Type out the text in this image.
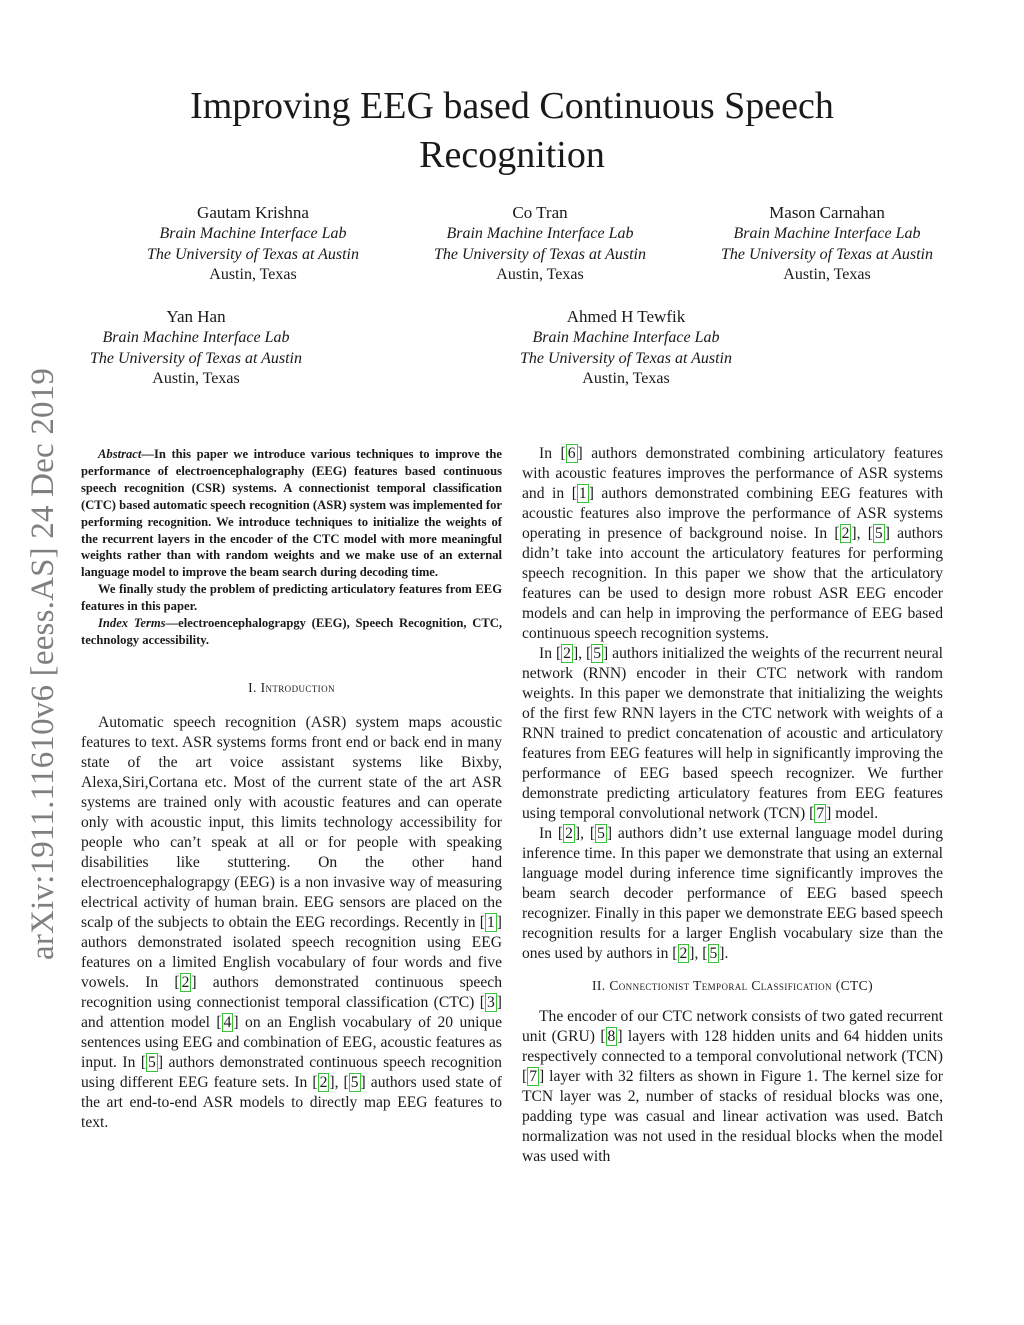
arXiv:1911.11610v6 [eess.AS] 24 Dec 2019
Improving EEG based Continuous Speech
Recognition
Gautam Krishna
Brain Machine Interface Lab
The University of Texas at Austin
Austin, Texas
Co Tran
Brain Machine Interface Lab
The University of Texas at Austin
Austin, Texas
Mason Carnahan
Brain Machine Interface Lab
The University of Texas at Austin
Austin, Texas
Yan Han
Brain Machine Interface Lab
The University of Texas at Austin
Austin, Texas
Ahmed H Tewfik
Brain Machine Interface Lab
The University of Texas at Austin
Austin, Texas

Abstract—In this paper we introduce various techniques to improve the performance of electroencephalography (EEG) features based continuous speech recognition (CSR) systems. A connectionist temporal classification (CTC) based automatic speech recognition (ASR) system was implemented for performing recognition. We introduce techniques to initialize the weights of the recurrent layers in the encoder of the CTC model with more meaningful weights rather than with random weights and we make use of an external language model to improve the beam search during decoding time.

We finally study the problem of predicting articulatory features from EEG features in this paper.

Index Terms—electroencephalograpgy (EEG), Speech Recognition, CTC, technology accessibility.

I. Introduction

Automatic speech recognition (ASR) system maps acoustic features to text. ASR systems forms front end or back end in many state of the art voice assistant systems like Bixby, Alexa,Siri,Cortana etc. Most of the current state of the art ASR systems are trained only with acoustic features and can operate only with acoustic input, this limits technology accessibility for people who can’t speak at all or for people with speaking disabilities like stuttering. On the other hand electroencephalograpgy (EEG) is a non invasive way of measuring electrical activity of human brain. EEG sensors are placed on the scalp of the subjects to obtain the EEG recordings. Recently in [ 1 ] authors demonstrated isolated speech recognition using EEG features on a limited English vocabulary of four words and five vowels. In [ 2 ] authors demonstrated continuous speech recognition using connectionist temporal classification (CTC) [ 3 ] and attention model [ 4 ] on an English vocabulary of 20 unique sentences using EEG and combination of EEG, acoustic features as input. In [ 5 ] authors demonstrated continuous speech recognition using different EEG feature sets. In [ 2 ], [ 5 ] authors used state of the art end-to-end ASR models to directly map EEG features to text.

In [ 6 ] authors demonstrated combining articulatory features with acoustic features improves the performance of ASR systems and in [ 1 ] authors demonstrated combining EEG features with acoustic features also improve the performance of ASR systems operating in presence of background noise. In [ 2 ], [ 5 ] authors didn’t take into account the articulatory features for performing speech recognition. In this paper we show that the articulatory features can be used to design more robust ASR EEG encoder models and can help in improving the performance of EEG based continuous speech recognition systems.

In [ 2 ], [ 5 ] authors initialized the weights of the recurrent neural network (RNN) encoder in their CTC network with random weights. In this paper we demonstrate that initializing the weights of the first few RNN layers in the CTC network with weights of a RNN trained to predict concatenation of acoustic and articulatory features from EEG features will help in significantly improving the performance of EEG based speech recognizer. We further demonstrate predicting articulatory features from EEG features using temporal convolutional network (TCN) [ 7 ] model.

In [ 2 ], [ 5 ] authors didn’t use external language model during inference time. In this paper we demonstrate that using an external language model during inference time significantly improves the beam search decoder performance of EEG based speech recognizer. Finally in this paper we demonstrate EEG based speech recognition results for a larger English vocabulary size than the ones used by authors in [ 2 ], [ 5 ].

II. Connectionist Temporal Classification (CTC)

The encoder of our CTC network consists of two gated recurrent unit (GRU) [ 8 ] layers with 128 hidden units and 64 hidden units respectively connected to a temporal convolutional network (TCN) [ 7 ] layer with 32 filters as shown in Figure 1. The kernel size for TCN layer was 2, number of stacks of residual blocks was one, padding type was casual and linear activation was used. Batch normalization was not used in the residual blocks when the model was used with
